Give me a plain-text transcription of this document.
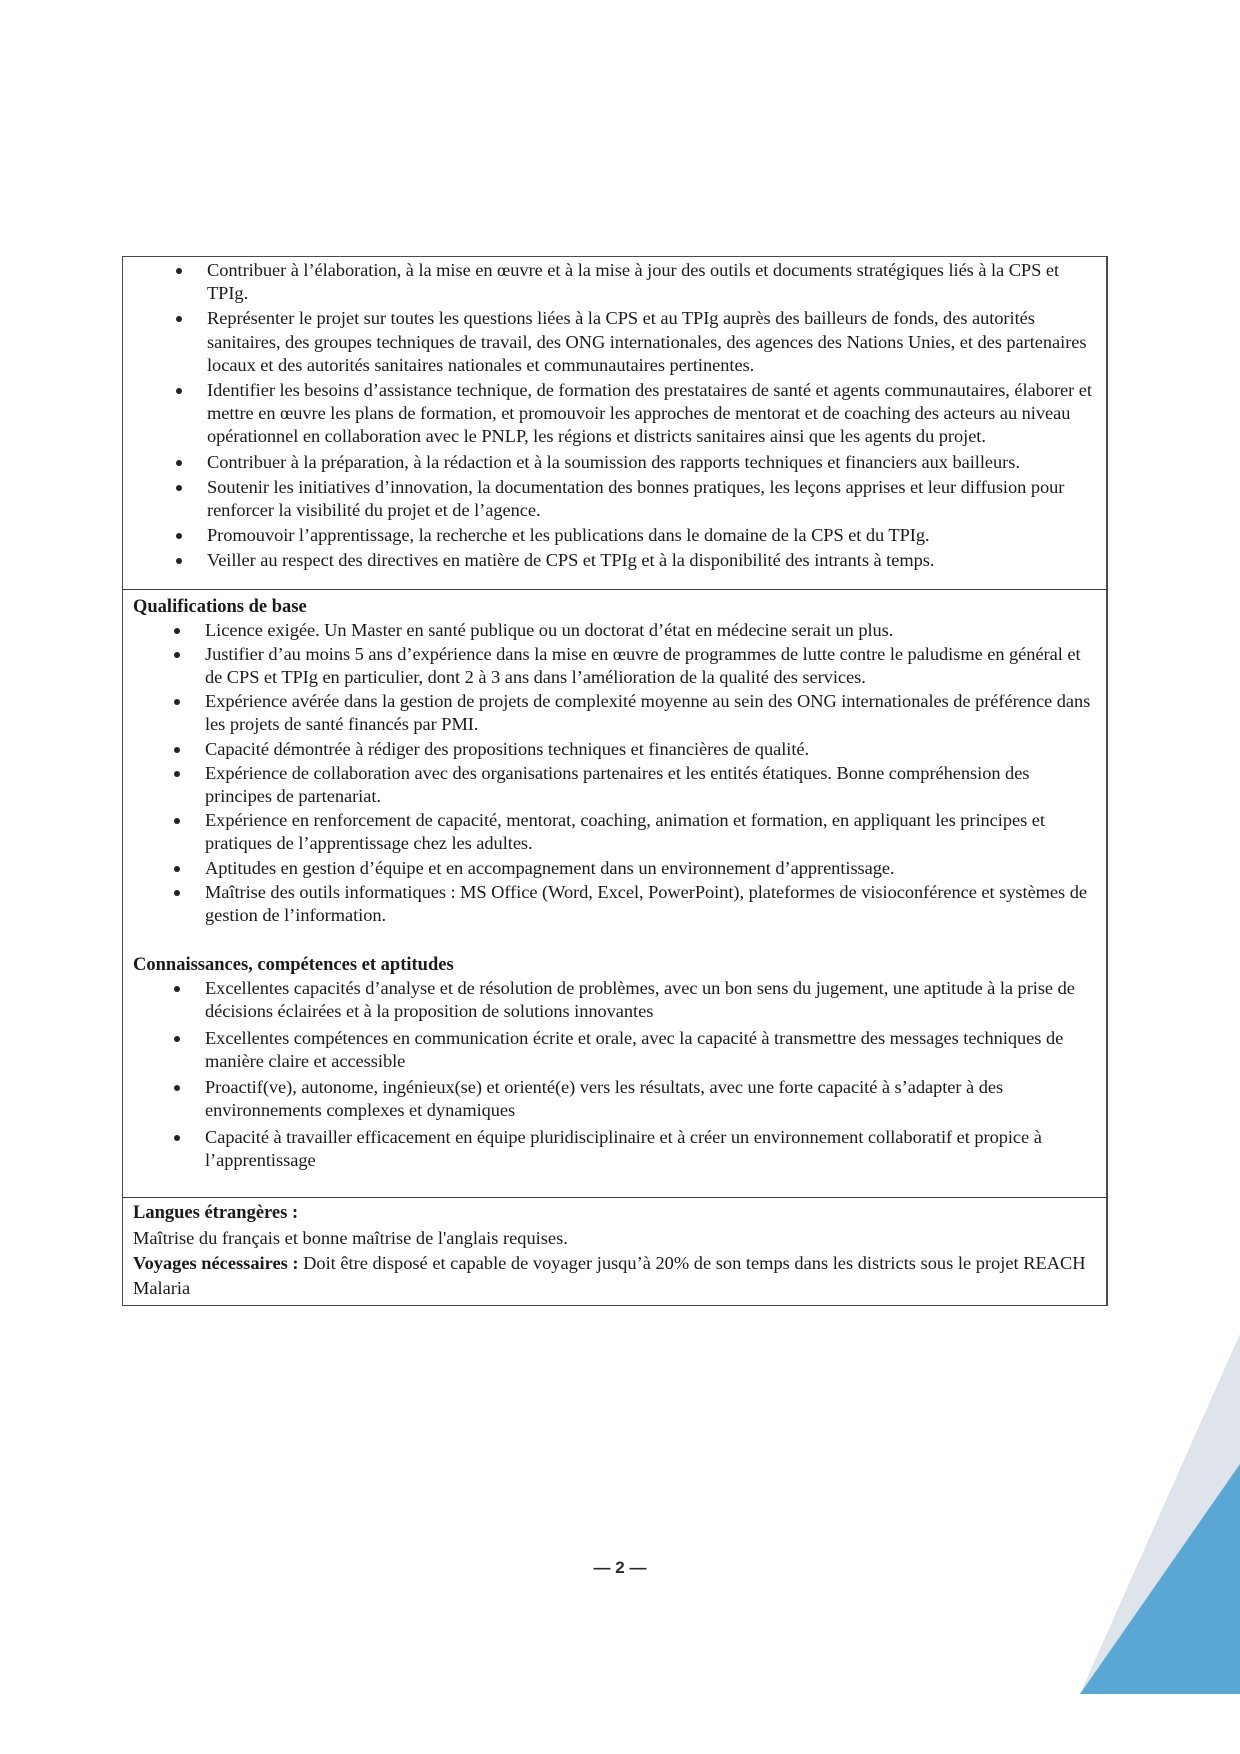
Contribuer à l’élaboration, à la mise en œuvre et à la mise à jour des outils et documents stratégiques liés à la CPS et TPIg.
Représenter le projet sur toutes les questions liées à la CPS et au TPIg auprès des bailleurs de fonds, des autorités sanitaires, des groupes techniques de travail, des ONG internationales, des agences des Nations Unies, et des partenaires locaux et des autorités sanitaires nationales et communautaires pertinentes.
Identifier les besoins d’assistance technique, de formation des prestataires de santé et agents communautaires, élaborer et mettre en œuvre les plans de formation, et promouvoir les approches de mentorat et de coaching des acteurs au niveau opérationnel en collaboration avec le PNLP, les régions et districts sanitaires ainsi que les agents du projet.
Contribuer à la préparation, à la rédaction et à la soumission des rapports techniques et financiers aux bailleurs.
Soutenir les initiatives d’innovation, la documentation des bonnes pratiques, les leçons apprises et leur diffusion pour renforcer la visibilité du projet et de l’agence.
Promouvoir l’apprentissage, la recherche et les publications dans le domaine de la CPS et du TPIg.
Veiller au respect des directives en matière de CPS et TPIg et à la disponibilité des intrants à temps.
Qualifications de base
Licence exigée. Un Master en santé publique ou un doctorat d’état en médecine serait un plus.
Justifier d’au moins 5 ans d’expérience dans la mise en œuvre de programmes de lutte contre le paludisme en général et de CPS et TPIg en particulier, dont 2 à 3 ans dans l’amélioration de la qualité des services.
Expérience avérée dans la gestion de projets de complexité moyenne au sein des ONG internationales de préférence dans les projets de santé financés par PMI.
Capacité démontrée à rédiger des propositions techniques et financières de qualité.
Expérience de collaboration avec des organisations partenaires et les entités étatiques. Bonne compréhension des principes de partenariat.
Expérience en renforcement de capacité, mentorat, coaching, animation et formation, en appliquant les principes et pratiques de l’apprentissage chez les adultes.
Aptitudes en gestion d’équipe et en accompagnement dans un environnement d’apprentissage.
Maîtrise des outils informatiques : MS Office (Word, Excel, PowerPoint), plateformes de visioconférence et systèmes de gestion de l’information.
Connaissances, compétences et aptitudes
Excellentes capacités d’analyse et de résolution de problèmes, avec un bon sens du jugement, une aptitude à la prise de décisions éclairées et à la proposition de solutions innovantes
Excellentes compétences en communication écrite et orale, avec la capacité à transmettre des messages techniques de manière claire et accessible
Proactif(ve), autonome, ingénieux(se) et orienté(e) vers les résultats, avec une forte capacité à s’adapter à des environnements complexes et dynamiques
Capacité à travailler efficacement en équipe pluridisciplinaire et à créer un environnement collaboratif et propice à l’apprentissage
Langues étrangères :
Maîtrise du français et bonne maîtrise de l'anglais requises.
Voyages nécessaires : Doit être disposé et capable de voyager jusqu’à 20% de son temps dans les districts sous le projet REACH Malaria
— 2 —
